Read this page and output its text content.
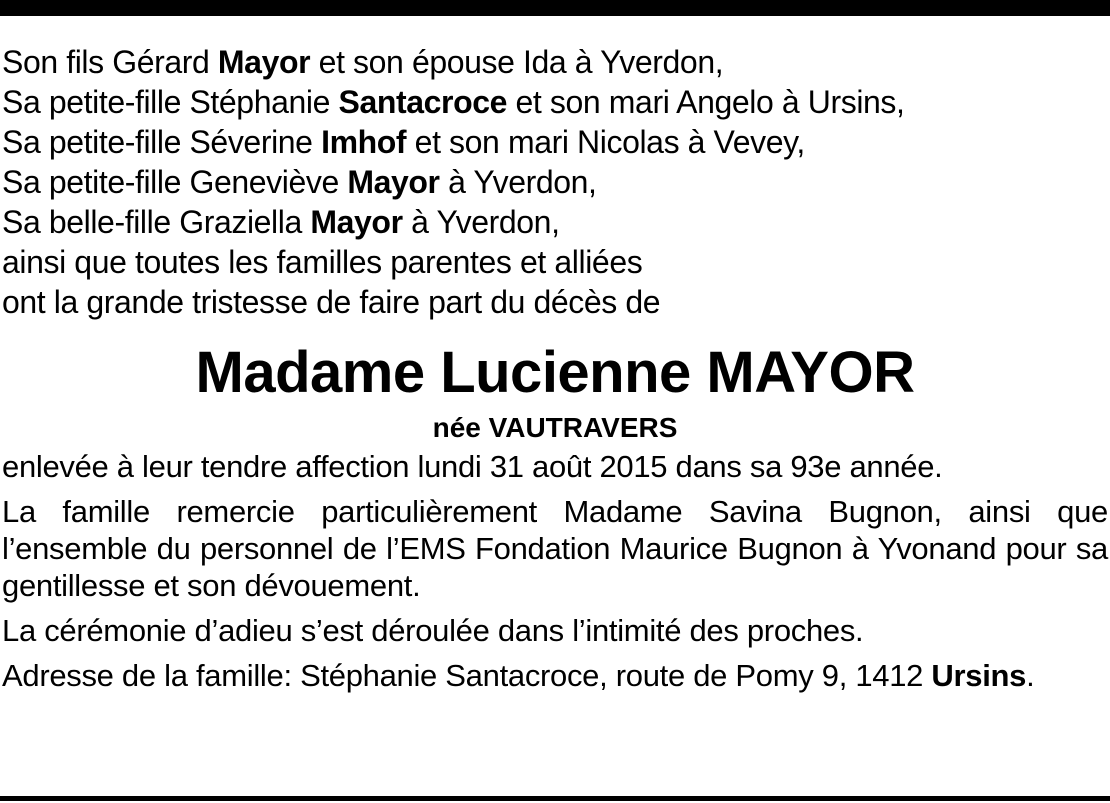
Son fils Gérard Mayor et son épouse Ida à Yverdon,
Sa petite-fille Stéphanie Santacroce et son mari Angelo à Ursins,
Sa petite-fille Séverine Imhof et son mari Nicolas à Vevey,
Sa petite-fille Geneviève Mayor à Yverdon,
Sa belle-fille Graziella Mayor à Yverdon,
ainsi que toutes les familles parentes et alliées
ont la grande tristesse de faire part du décès de
Madame Lucienne MAYOR
née VAUTRAVERS
enlevée à leur tendre affection lundi 31 août 2015 dans sa 93e année.
La famille remercie particulièrement Madame Savina Bugnon, ainsi que l’ensemble du personnel de l’EMS Fondation Maurice Bugnon à Yvonand pour sa gentillesse et son dévouement.
La cérémonie d’adieu s’est déroulée dans l’intimité des proches.
Adresse de la famille: Stéphanie Santacroce, route de Pomy 9, 1412 Ursins.
